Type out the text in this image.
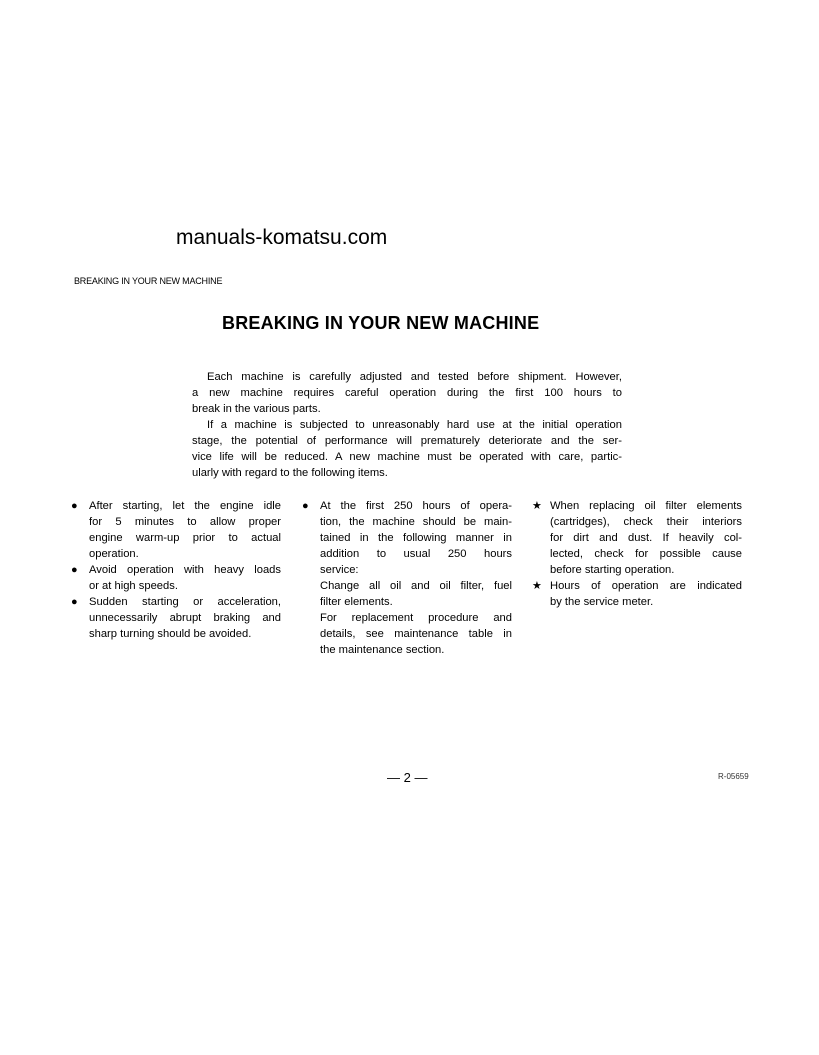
manuals-komatsu.com
BREAKING IN YOUR NEW MACHINE
BREAKING IN YOUR NEW MACHINE
Each machine is carefully adjusted and tested before shipment. However,
a new machine requires careful operation during the first 100 hours to
break in the various parts.
If a machine is subjected to unreasonably hard use at the initial operation
stage, the potential of performance will prematurely deteriorate and the ser-
vice life will be reduced. A new machine must be operated with care, partic-
ularly with regard to the following items.
● After starting, let the engine idle
for 5 minutes to allow proper
engine warm-up prior to actual
operation.
● Avoid operation with heavy loads
or at high speeds.
● Sudden starting or acceleration,
unnecessarily abrupt braking and
sharp turning should be avoided.
● At the first 250 hours of opera-
tion, the machine should be main-
tained in the following manner in
addition to usual 250 hours
service:
Change all oil and oil filter, fuel
filter elements.
For replacement procedure and
details, see maintenance table in
the maintenance section.
★ When replacing oil filter elements
(cartridges), check their interiors
for dirt and dust. If heavily col-
lected, check for possible cause
before starting operation.
★ Hours of operation are indicated
by the service meter.
— 2 —	R-05659
